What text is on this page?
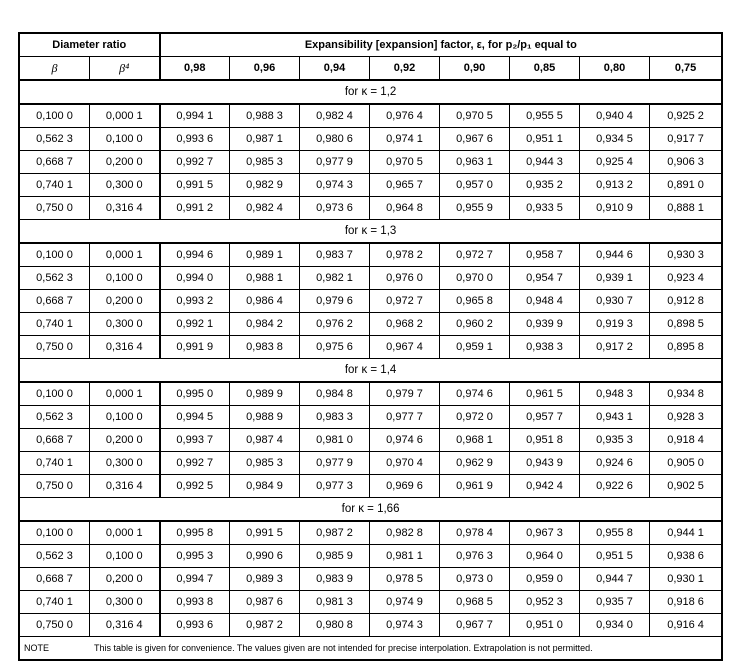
Diameter ratio		Expansibility [expansion] factor, ε, for p₂/p₁ equal to							
β	β⁴	0,98	0,96	0,94	0,92	0,90	0,85	0,80	0,75
for κ = 1,2									
0,100 0	0,000 1	0,994 1	0,988 3	0,982 4	0,976 4	0,970 5	0,955 5	0,940 4	0,925 2
0,562 3	0,100 0	0,993 6	0,987 1	0,980 6	0,974 1	0,967 6	0,951 1	0,934 5	0,917 7
0,668 7	0,200 0	0,992 7	0,985 3	0,977 9	0,970 5	0,963 1	0,944 3	0,925 4	0,906 3
0,740 1	0,300 0	0,991 5	0,982 9	0,974 3	0,965 7	0,957 0	0,935 2	0,913 2	0,891 0
0,750 0	0,316 4	0,991 2	0,982 4	0,973 6	0,964 8	0,955 9	0,933 5	0,910 9	0,888 1
for κ = 1,3									
0,100 0	0,000 1	0,994 6	0,989 1	0,983 7	0,978 2	0,972 7	0,958 7	0,944 6	0,930 3
0,562 3	0,100 0	0,994 0	0,988 1	0,982 1	0,976 0	0,970 0	0,954 7	0,939 1	0,923 4
0,668 7	0,200 0	0,993 2	0,986 4	0,979 6	0,972 7	0,965 8	0,948 4	0,930 7	0,912 8
0,740 1	0,300 0	0,992 1	0,984 2	0,976 2	0,968 2	0,960 2	0,939 9	0,919 3	0,898 5
0,750 0	0,316 4	0,991 9	0,983 8	0,975 6	0,967 4	0,959 1	0,938 3	0,917 2	0,895 8
for κ = 1,4									
0,100 0	0,000 1	0,995 0	0,989 9	0,984 8	0,979 7	0,974 6	0,961 5	0,948 3	0,934 8
0,562 3	0,100 0	0,994 5	0,988 9	0,983 3	0,977 7	0,972 0	0,957 7	0,943 1	0,928 3
0,668 7	0,200 0	0,993 7	0,987 4	0,981 0	0,974 6	0,968 1	0,951 8	0,935 3	0,918 4
0,740 1	0,300 0	0,992 7	0,985 3	0,977 9	0,970 4	0,962 9	0,943 9	0,924 6	0,905 0
0,750 0	0,316 4	0,992 5	0,984 9	0,977 3	0,969 6	0,961 9	0,942 4	0,922 6	0,902 5
for κ = 1,66									
0,100 0	0,000 1	0,995 8	0,991 5	0,987 2	0,982 8	0,978 4	0,967 3	0,955 8	0,944 1
0,562 3	0,100 0	0,995 3	0,990 6	0,985 9	0,981 1	0,976 3	0,964 0	0,951 5	0,938 6
0,668 7	0,200 0	0,994 7	0,989 3	0,983 9	0,978 5	0,973 0	0,959 0	0,944 7	0,930 1
0,740 1	0,300 0	0,993 8	0,987 6	0,981 3	0,974 9	0,968 5	0,952 3	0,935 7	0,918 6
0,750 0	0,316 4	0,993 6	0,987 2	0,980 8	0,974 3	0,967 7	0,951 0	0,934 0	0,916 4
NOTE This table is given for convenience. The values given are not intended for precise interpolation. Extrapolation is not permitted.									
